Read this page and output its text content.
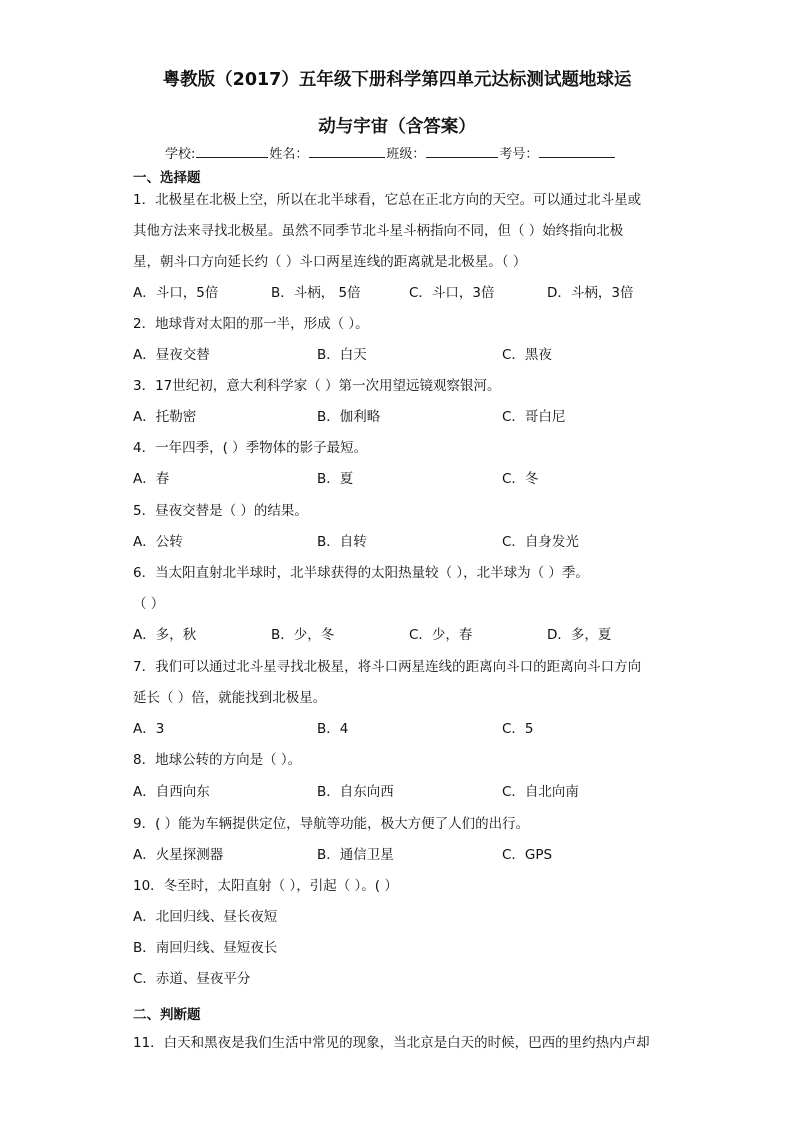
粤教版（2017）五年级下册科学第四单元达标测试题地球运
动与宇宙（含答案）
学校:	姓名：	班级：	考号：
一、选择题

1．北极星在北极上空，所以在北半球看，它总在正北方向的天空。可以通过北斗星或

其他方法来寻找北极星。虽然不同季节北斗星斗柄指向不同，但（ ）始终指向北极

星，朝斗口方向延长约（ ）斗口两星连线的距离就是北极星。（ ）

A．斗口，5倍	B．斗柄， 5倍	C．斗口，3倍	D．斗柄，3倍

2．地球背对太阳的那一半，形成（ ）。

A．昼夜交替	B．白天	C．黑夜

3．17世纪初，意大利科学家（ ）第一次用望远镜观察银河。

A．托勒密	B．伽利略	C．哥白尼

4．一年四季，( ）季物体的影子最短。

A．春	B．夏	C．冬

5．昼夜交替是（ ）的结果。

A．公转	B．自转	C．自身发光

6．当太阳直射北半球时，北半球获得的太阳热量较（ ），北半球为（ ）季。

（ ）

A．多，秋	B．少，冬	C．少，春	D．多，夏

7．我们可以通过北斗星寻找北极星，将斗口两星连线的距离向斗口的距离向斗口方向

延长（ ）倍，就能找到北极星。

A．3	B．4	C．5

8．地球公转的方向是（ ）。

A．自西向东	B．自东向西	C．自北向南

9．( ）能为车辆提供定位，导航等功能，极大方便了人们的出行。

A．火星探测器	B．通信卫星	C．GPS

10．冬至时，太阳直射（ ），引起（ ）。( ）

A．北回归线、昼长夜短

B．南回归线、昼短夜长

C．赤道、昼夜平分

二、判断题

11．白天和黑夜是我们生活中常见的现象，当北京是白天的时候，巴西的里约热内卢却
